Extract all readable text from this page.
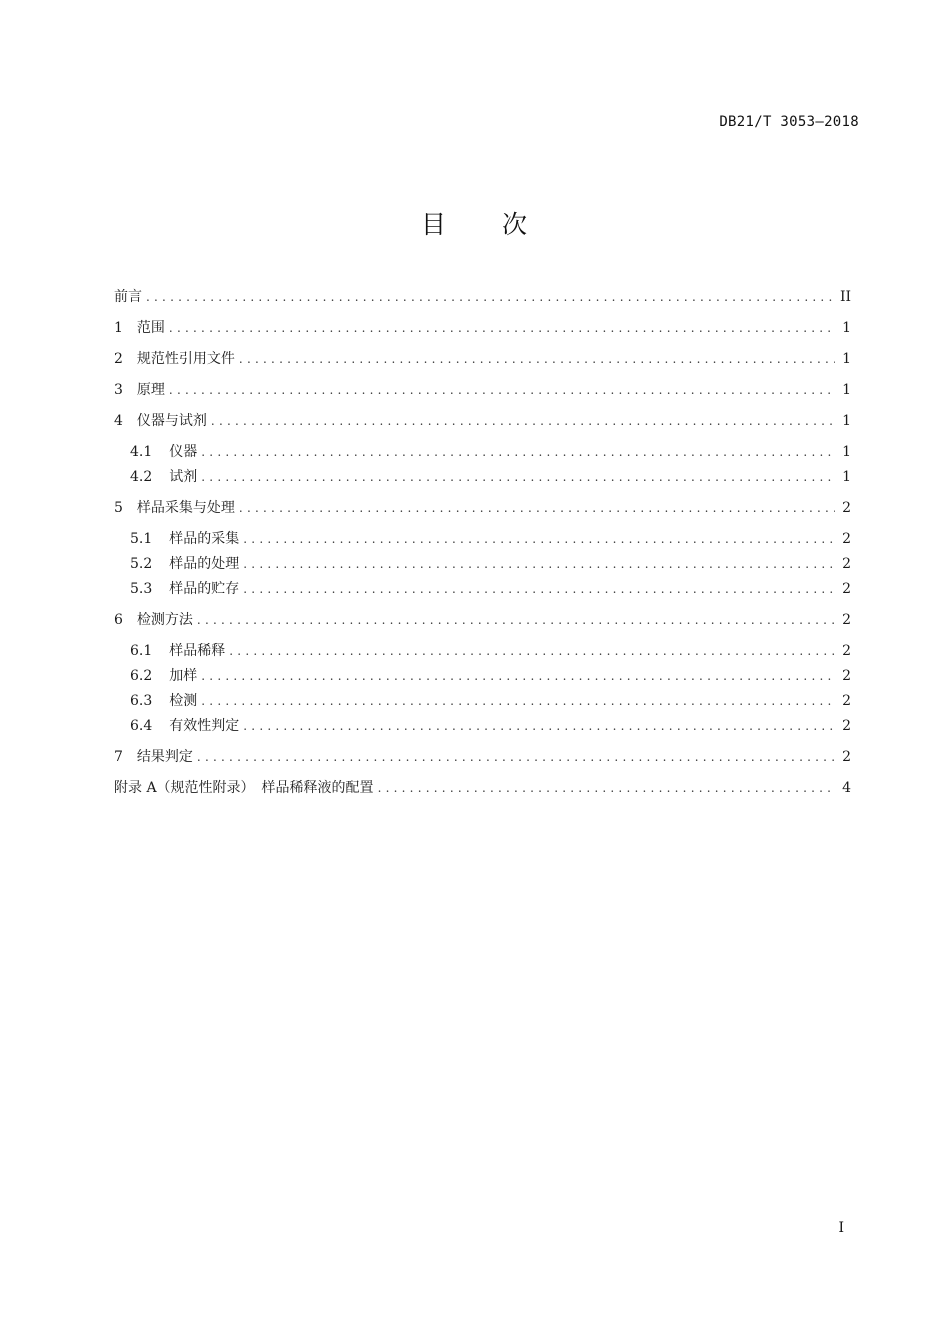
DB21/T 3053—2018
目　　次
前言 . . .	II
1 范围 . . .	1
2 规范性引用文件 . . .	1
3 原理 . . .	1
4 仪器与试剂 . . .	1
4.1 仪器 . . .	1
4.2 试剂 . . .	1
5 样品采集与处理 . . .	2
5.1 样品的采集 . . .	2
5.2 样品的处理 . . .	2
5.3 样品的贮存 . . .	2
6 检测方法 . . .	2
6.1 样品稀释 . . .	2
6.2 加样 . . .	2
6.3 检测 . . .	2
6.4 有效性判定 . . .	2
7 结果判定 . . .	2
附录 A（规范性附录）　样品稀释液的配置 . . .	4
I
